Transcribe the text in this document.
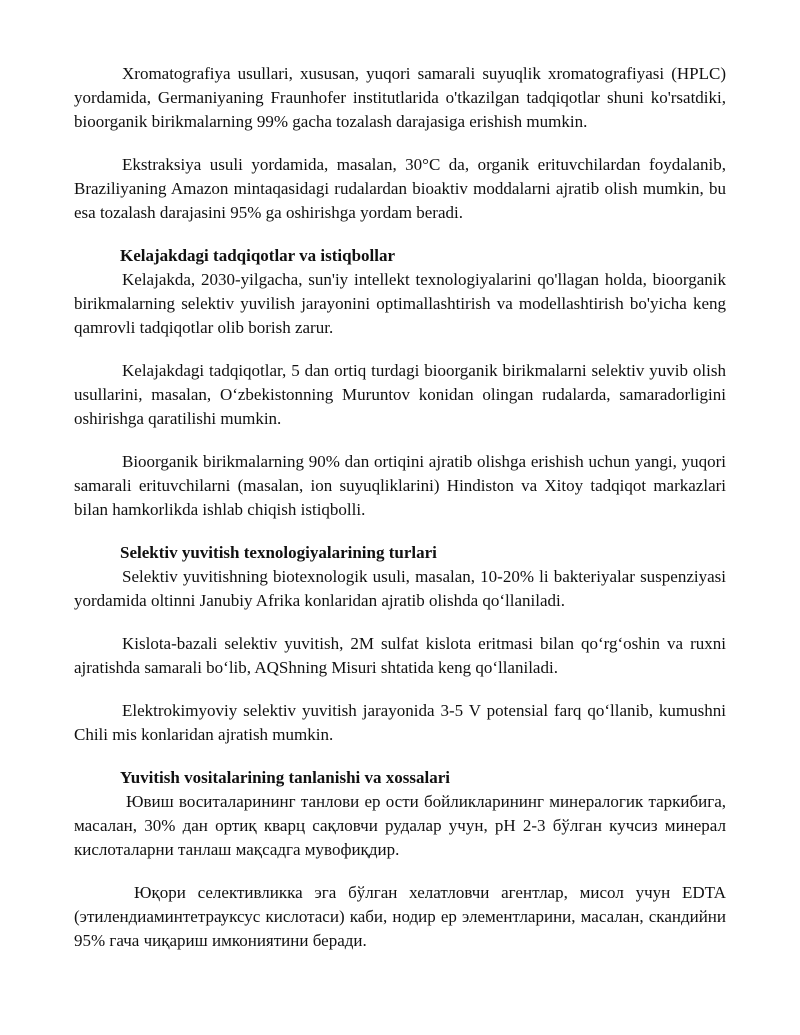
Xromatografiya usullari, xususan, yuqori samarali suyuqlik xromatografiyasi (HPLC) yordamida, Germaniyaning Fraunhofer institutlarida o'tkazilgan tadqiqotlar shuni ko'rsatdiki, bioorganik birikmalarning 99% gacha tozalash darajasiga erishish mumkin.

Ekstraksiya usuli yordamida, masalan, 30°C da, organik erituvchilardan foydalanib, Braziliyaning Amazon mintaqasidagi rudalardan bioaktiv moddalarni ajratib olish mumkin, bu esa tozalash darajasini 95% ga oshirishga yordam beradi.

Kelajakdagi tadqiqotlar va istiqbollar

Kelajakda, 2030-yilgacha, sun'iy intellekt texnologiyalarini qo'llagan holda, bioorganik birikmalarning selektiv yuvilish jarayonini optimallashtirish va modellashtirish bo'yicha keng qamrovli tadqiqotlar olib borish zarur.

Kelajakdagi tadqiqotlar, 5 dan ortiq turdagi bioorganik birikmalarni selektiv yuvib olish usullarini, masalan, O‘zbekistonning Muruntov konidan olingan rudalarda, samaradorligini oshirishga qaratilishi mumkin.

Bioorganik birikmalarning 90% dan ortiqini ajratib olishga erishish uchun yangi, yuqori samarali erituvchilarni (masalan, ion suyuqliklarini) Hindiston va Xitoy tadqiqot markazlari bilan hamkorlikda ishlab chiqish istiqbolli.

Selektiv yuvitish texnologiyalarining turlari

Selektiv yuvitishning biotexnologik usuli, masalan, 10-20% li bakteriyalar suspenziyasi yordamida oltinni Janubiy Afrika konlaridan ajratib olishda qo‘llaniladi.

Kislota-bazali selektiv yuvitish, 2M sulfat kislota eritmasi bilan qo‘rg‘oshin va ruxni ajratishda samarali bo‘lib, AQShning Misuri shtatida keng qo‘llaniladi.

Elektrokimyoviy selektiv yuvitish jarayonida 3-5 V potensial farq qo‘llanib, kumushni Chili mis konlaridan ajratish mumkin.

Yuvitish vositalarining tanlanishi va xossalari

Ювиш воситаларининг танлови ер ости бойликларининг минералогик таркибига, масалан, 30% дан ортиқ кварц сақловчи рудалар учун, pH 2-3 бўлган кучсиз минерал кислоталарни танлаш мақсадга мувофиқдир.

Юқори селективликка эга бўлган хелатловчи агентлар, мисол учун EDTA (этилендиаминтетрауксус кислотаси) каби, нодир ер элементларини, масалан, скандийни 95% гача чиқариш имкониятини беради.
